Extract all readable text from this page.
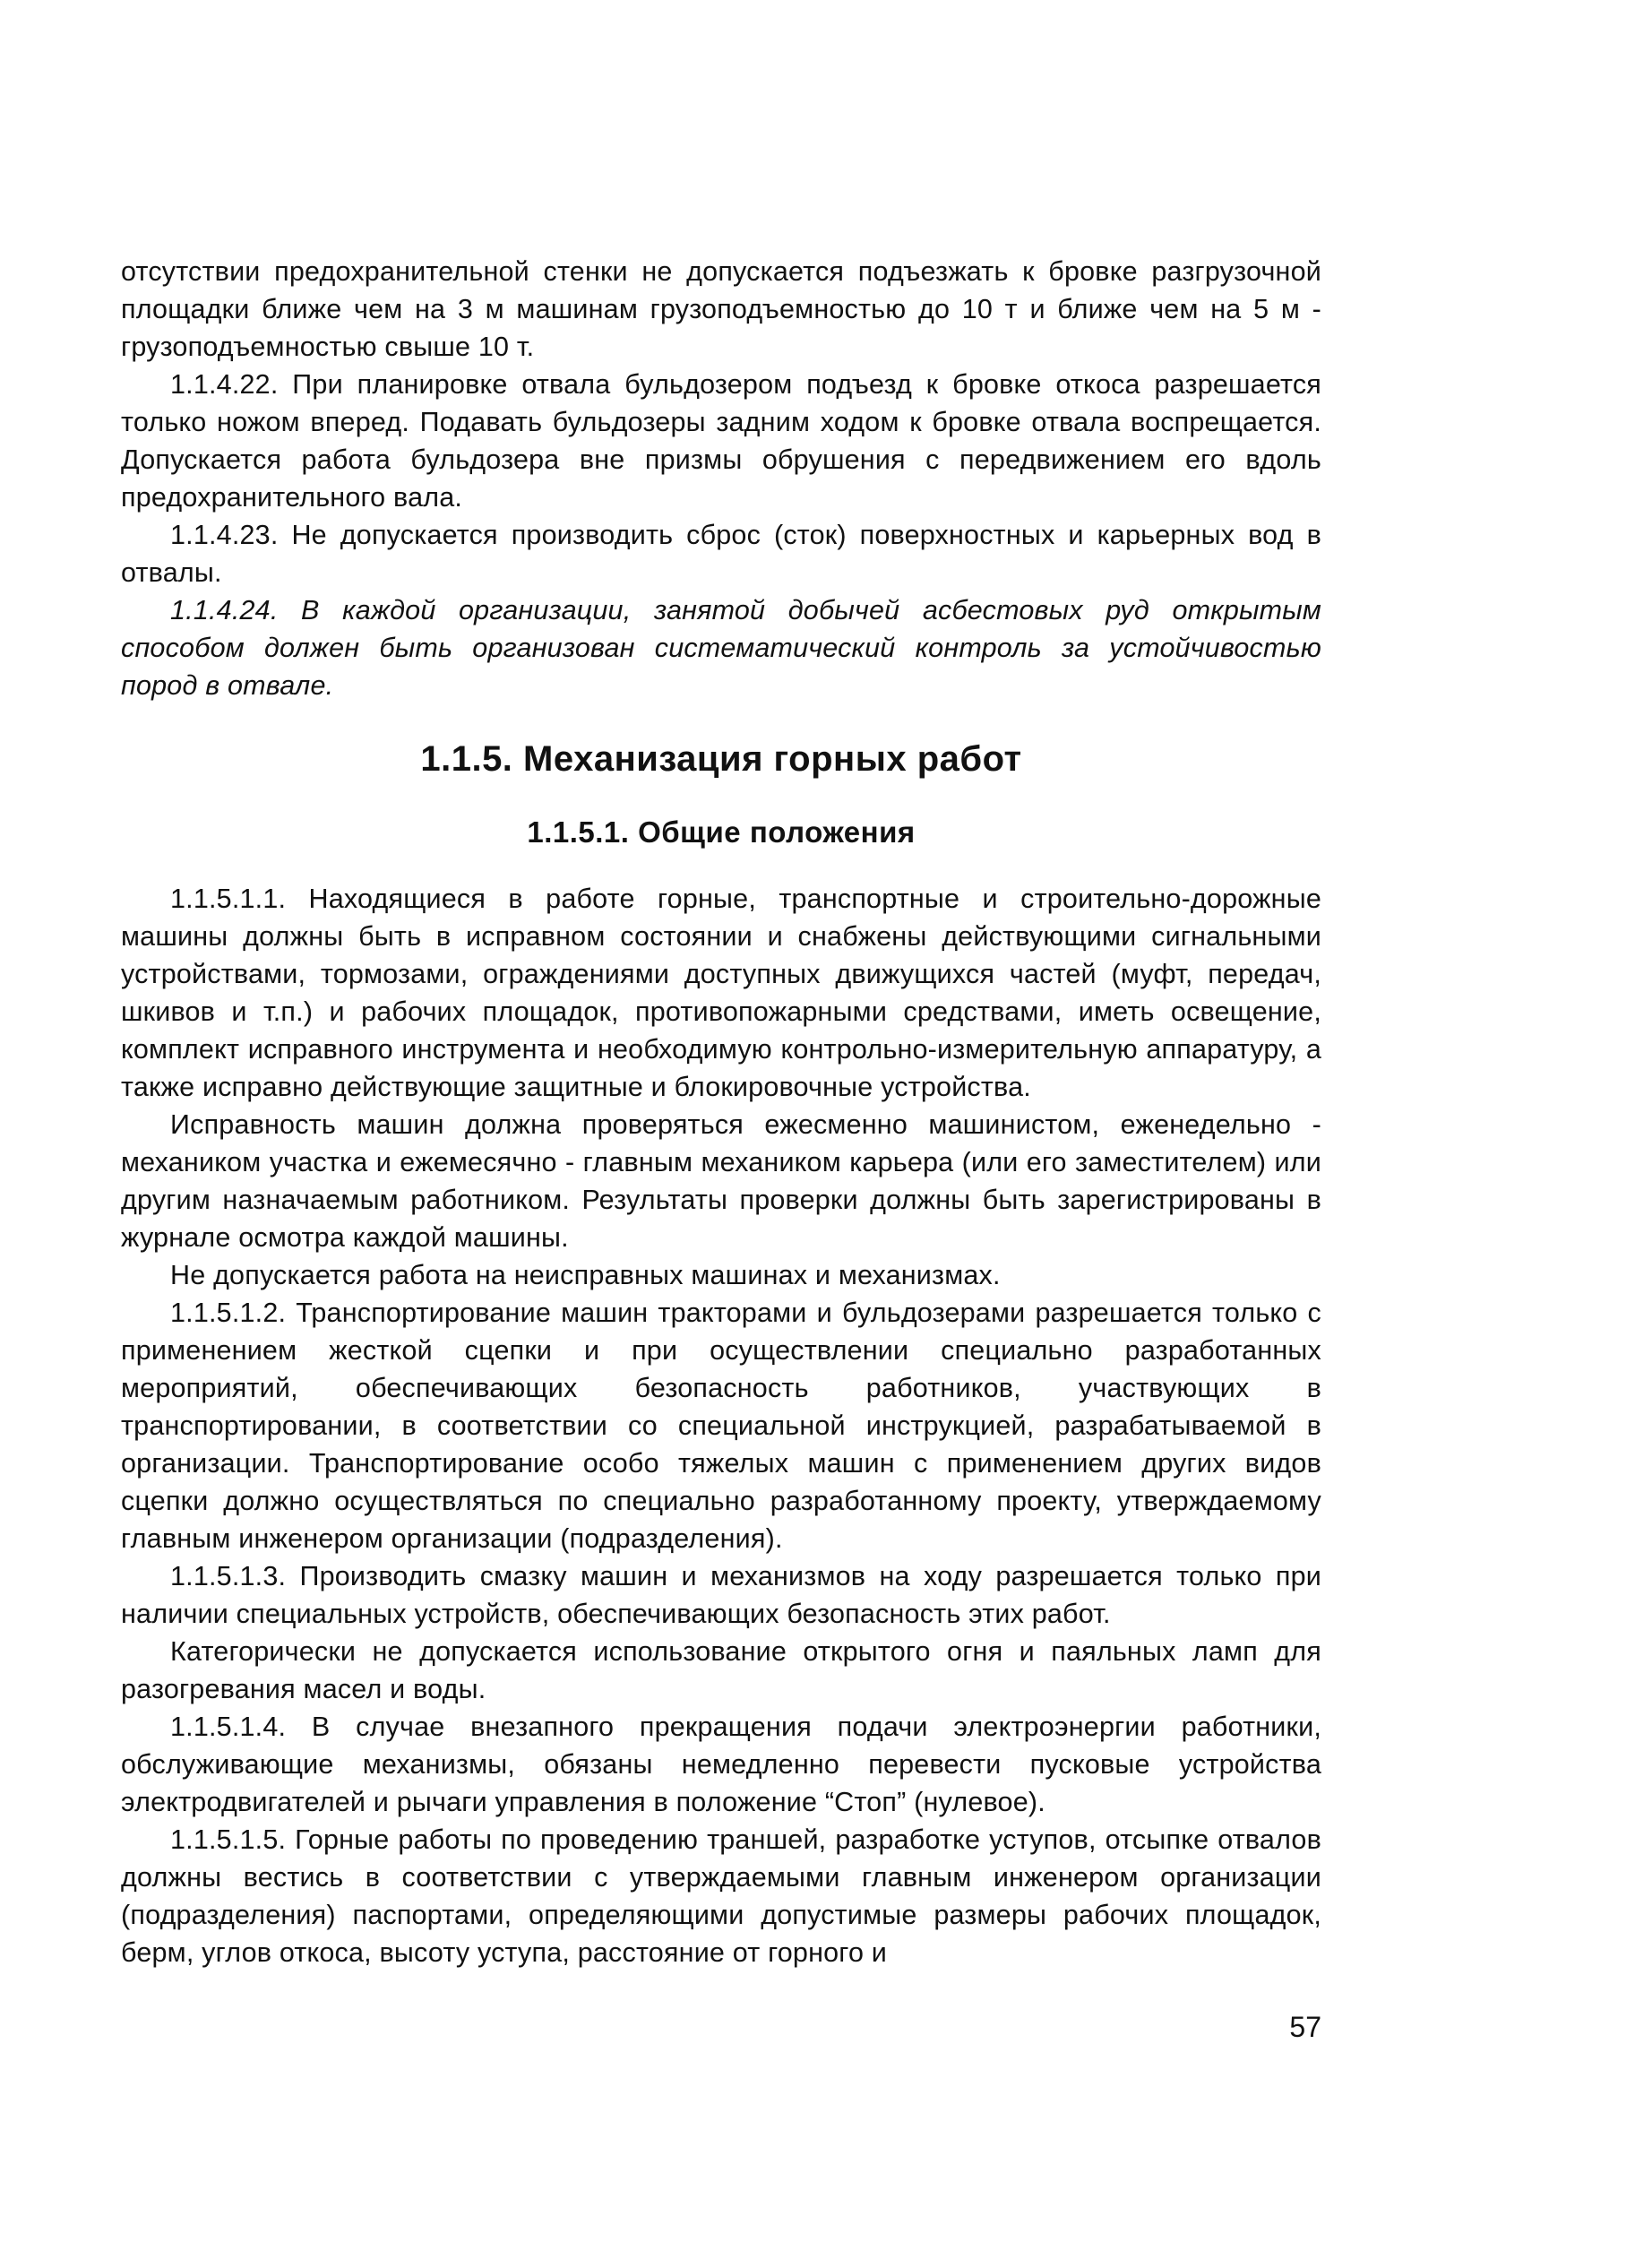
отсутствии предохранительной стенки не допускается подъезжать к бровке разгрузочной площадки ближе чем на 3 м машинам грузоподъемностью до 10 т и ближе чем на 5 м - грузоподъемностью свыше 10 т.

1.1.4.22. При планировке отвала бульдозером подъезд к бровке откоса разрешается только ножом вперед. Подавать бульдозеры задним ходом к бровке отвала воспрещается. Допускается работа бульдозера вне призмы обрушения с передвижением его вдоль предохранительного вала.

1.1.4.23. Не допускается производить сброс (сток) поверхностных и карьерных вод в отвалы.

1.1.4.24. В каждой организации, занятой добычей асбестовых руд открытым способом должен быть организован систематический контроль за устойчивостью пород в отвале.

1.1.5. Механизация горных работ
1.1.5.1. Общие положения

1.1.5.1.1. Находящиеся в работе горные, транспортные и строительно-дорожные машины должны быть в исправном состоянии и снабжены действующими сигнальными устройствами, тормозами, ограждениями доступных движущихся частей (муфт, передач, шкивов и т.п.) и рабочих площадок, противопожарными средствами, иметь освещение, комплект исправного инструмента и необходимую контрольно-измерительную аппаратуру, а также исправно действующие защитные и блокировочные устройства.

Исправность машин должна проверяться ежесменно машинистом, еженедельно - механиком участка и ежемесячно - главным механиком карьера (или его заместителем) или другим назначаемым работником. Результаты проверки должны быть зарегистрированы в журнале осмотра каждой машины.

Не допускается работа на неисправных машинах и механизмах.

1.1.5.1.2. Транспортирование машин тракторами и бульдозерами разрешается только с применением жесткой сцепки и при осуществлении специально разработанных мероприятий, обеспечивающих безопасность работников, участвующих в транспортировании, в соответствии со специальной инструкцией, разрабатываемой в организации. Транспортирование особо тяжелых машин с применением других видов сцепки должно осуществляться по специально разработанному проекту, утверждаемому главным инженером организации (подразделения).

1.1.5.1.3. Производить смазку машин и механизмов на ходу разрешается только при наличии специальных устройств, обеспечивающих безопасность этих работ.

Категорически не допускается использование открытого огня и паяльных ламп для разогревания масел и воды.

1.1.5.1.4. В случае внезапного прекращения подачи электроэнергии работники, обслуживающие механизмы, обязаны немедленно перевести пусковые устройства электродвигателей и рычаги управления в положение “Стоп” (нулевое).

1.1.5.1.5. Горные работы по проведению траншей, разработке уступов, отсыпке отвалов должны вестись в соответствии с утверждаемыми главным инженером организации (подразделения) паспортами, определяющими допустимые размеры рабочих площадок, берм, углов откоса, высоту уступа, расстояние от горного и

57
